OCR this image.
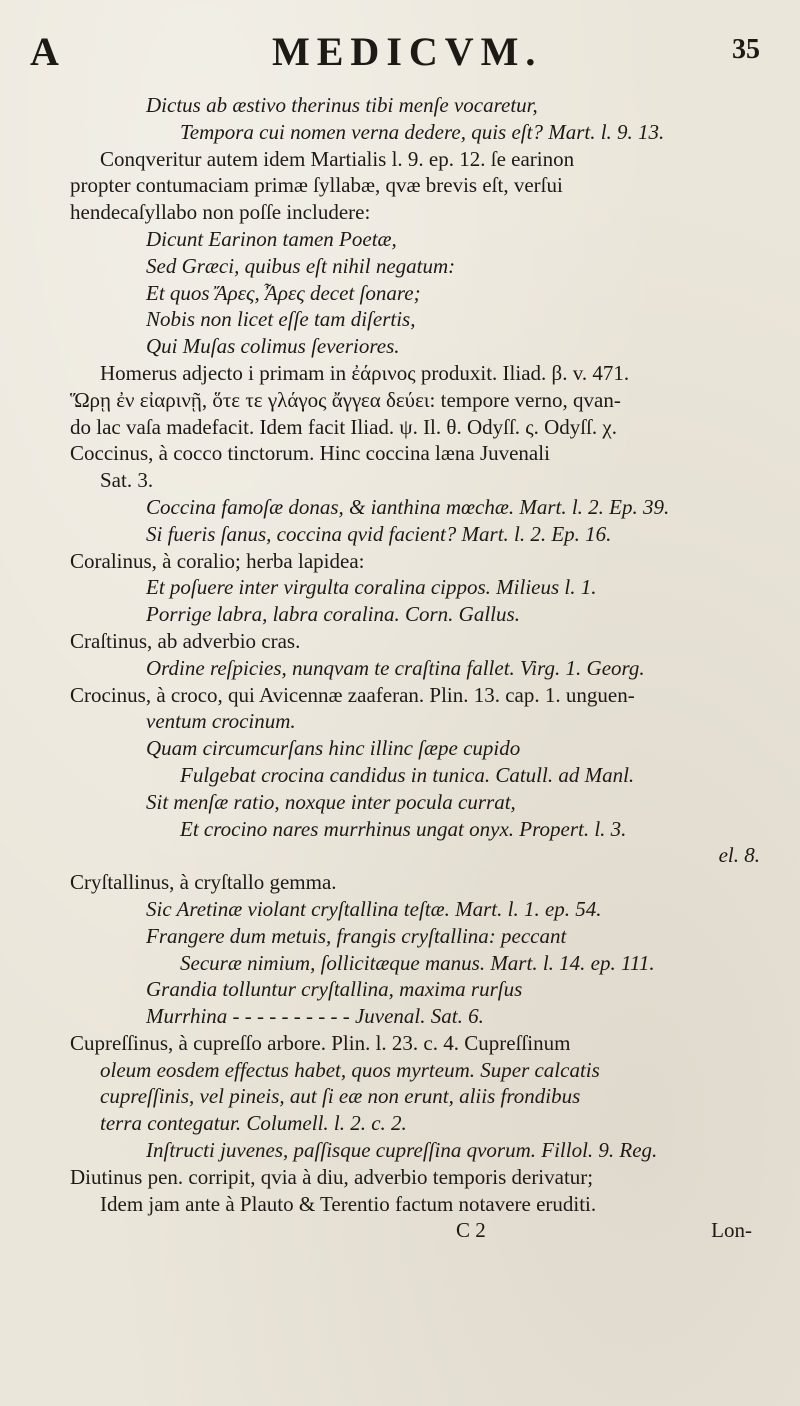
A	MEDICVM.	35
Dictus ab æstivo therinus tibi menſe vocaretur,
Tempora cui nomen verna dedere, quis eſt? Mart. l. 9. 13.
Conqveritur autem idem Martialis l. 9. ep. 12. ſe earinon
propter contumaciam primæ ſyllabæ, qvæ brevis eſt, verſui
hendecaſyllabo non poſſe includere:
Dicunt Earinon tamen Poetæ,
Sed Græci, quibus eſt nihil negatum:
Et quos Ἄρες, Ἆρες decet ſonare;
Nobis non licet eſſe tam diſertis,
Qui Muſas colimus ſeveriores.
Homerus adjecto i primam in ἐάρινος produxit. Iliad. β. v. 471.
Ὥρῃ ἐν εἰαρινῇ, ὅτε τε γλάγος ἄγγεα δεύει: tempore verno, qvan-
do lac vaſa madefacit. Idem facit Iliad. ψ. Il. θ. Odyſſ. ς. Odyſſ. χ.
Coccinus, à cocco tinctorum. Hinc coccina læna Juvenali
Sat. 3.
Coccina famoſæ donas, & ianthina mœchæ. Mart. l. 2. Ep. 39.
Si fueris ſanus, coccina qvid facient? Mart. l. 2. Ep. 16.
Coralinus, à coralio; herba lapidea:
Et poſuere inter virgulta coralina cippos. Milieus l. 1.
Porrige labra, labra coralina. Corn. Gallus.
Craſtinus, ab adverbio cras.
Ordine reſpicies, nunqvam te craſtina fallet. Virg. 1. Georg.
Crocinus, à croco, qui Avicennæ zaaferan. Plin. 13. cap. 1. unguen-
ventum crocinum.
Quam circumcurſans hinc illinc ſæpe cupido
Fulgebat crocina candidus in tunica. Catull. ad Manl.
Sit menſæ ratio, noxque inter pocula currat,
Et crocino nares murrhinus ungat onyx. Propert. l. 3.
el. 8.
Cryſtallinus, à cryſtallo gemma.
Sic Aretinæ violant cryſtallina teſtæ. Mart. l. 1. ep. 54.
Frangere dum metuis, frangis cryſtallina: peccant
Securæ nimium, ſollicitæque manus. Mart. l. 14. ep. 111.
Grandia tolluntur cryſtallina, maxima rurſus
Murrhina - - - - - - - - - - Juvenal. Sat. 6.
Cupreſſinus, à cupreſſo arbore. Plin. l. 23. c. 4. Cupreſſinum
oleum eosdem effectus habet, quos myrteum. Super calcatis
cupreſſinis, vel pineis, aut ſi eæ non erunt, aliis frondibus
terra contegatur. Columell. l. 2. c. 2.
Inſtructi juvenes, paſſisque cupreſſina qvorum. Fillol. 9. Reg.
Diutinus pen. corripit, qvia à diu, adverbio temporis derivatur;
Idem jam ante à Plauto & Terentio factum notavere eruditi.
C 2	Lon-
